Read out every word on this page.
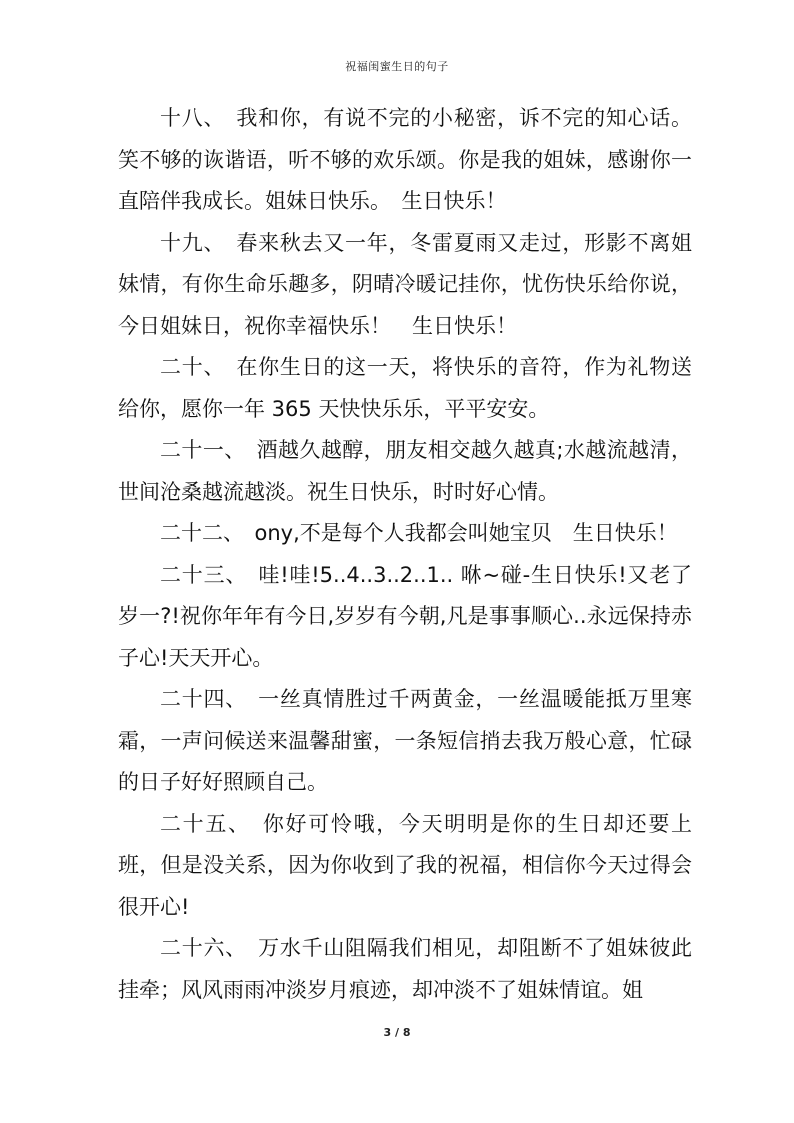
祝福闺蜜生日的句子

十八、　我和你，有说不完的小秘密，诉不完的知心话。笑不够的诙谐语，听不够的欢乐颂。你是我的姐妹，感谢你一直陪伴我成长。姐妹日快乐。　生日快乐！

十九、　春来秋去又一年，冬雷夏雨又走过，形影不离姐妹情，有你生命乐趣多，阴晴冷暖记挂你，忧伤快乐给你说，今日姐妹日，祝你幸福快乐！　生日快乐！

二十、　在你生日的这一天，将快乐的音符，作为礼物送给你，愿你一年 365 天快快乐乐，平平安安。

二十一、　酒越久越醇，朋友相交越久越真;水越流越清，世间沧桑越流越淡。祝生日快乐，时时好心情。

二十二、　ony,不是每个人我都会叫她宝贝　生日快乐！

二十三、　哇!哇!5..4..3..2..1.. 咻~碰-生日快乐!又老了岁一?!祝你年年有今日,岁岁有今朝,凡是事事顺心..永远保持赤子心!天天开心。

二十四、　一丝真情胜过千两黄金，一丝温暖能抵万里寒霜，一声问候送来温馨甜蜜，一条短信捎去我万般心意，忙碌的日子好好照顾自己。

二十五、　你好可怜哦，今天明明是你的生日却还要上班，但是没关系，因为你收到了我的祝福，相信你今天过得会很开心!

二十六、　万水千山阻隔我们相见，却阻断不了姐妹彼此挂牵；风风雨雨冲淡岁月痕迹，却冲淡不了姐妹情谊。姐

3 / 8
